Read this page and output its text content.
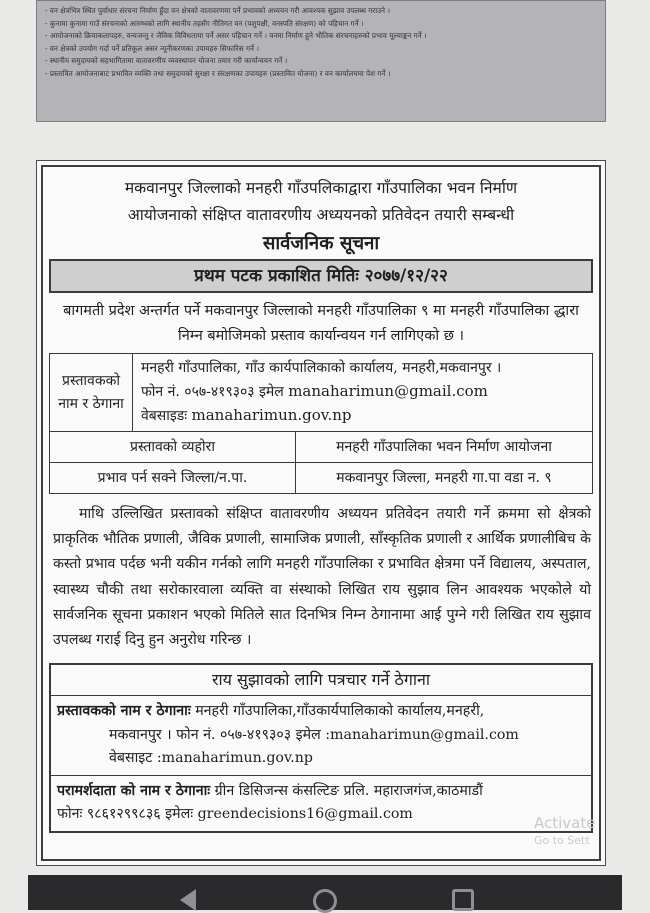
- वन क्षेत्रभित्र स्थित पुर्वाधार संरचना निर्माण हुँदा वन क्षेत्रको वातावरणमा पर्ने प्रभावको अध्ययन गरी आवश्यक सुझाव उपलब्ध गराउने ।
- कुनामा कुनामा गाउँ संरचनाको आरम्भको लागि स्थानीय तहसँग नीतिगत वन (पशुपक्षी, वनस्पति संरक्षण) को पहिचान गर्ने ।
- आयोजनाको क्रियाकलापहरु, वन्यजन्तु र जैविक विविधतामा पर्ने असर पहिचान गर्ने । वनमा निर्माण हुने भौतिक संरचनाहरुको प्रभाव मूल्याङ्कन गर्ने ।
- वन क्षेत्रको उपयोग गर्दा पर्ने प्रतिकूल असर न्यूनीकरणका उपायहरु सिफारिस गर्ने ।
- स्थानीय समुदायको सहभागितामा वातावरणीय व्यवस्थापन योजना तयार गरी कार्यान्वयन गर्ने ।
- प्रस्तावित आयोजनाबाट प्रभावित व्यक्ति तथा समुदायको सुरक्षा र संरक्षणका उपायहरु (प्रस्तावित योजना) र वन कार्यालयमा पेश गर्ने ।
मकवानपुर जिल्लाको मनहरी गाँउपलिकाद्वारा गाँउपालिका भवन निर्माण
आयोजनाको संक्षिप्त वातावरणीय अध्ययनको प्रतिवेदन तयारी सम्बन्धी
सार्वजनिक सूचना
प्रथम पटक प्रकाशित मितिः २०७७/१२/२२
बागमती प्रदेश अन्तर्गत पर्ने मकवानपुर जिल्लाको मनहरी गाँउपालिका ९ मा मनहरी गाँउपालिका द्धारा निम्न बमोजिमको प्रस्ताव कार्यान्वयन गर्न लागिएको छ ।
प्रस्तावकको नाम र ठेगाना	मनहरी गाँउपालिका, गाँउ कार्यपालिकाको कार्यालय, मनहरी,मकवानपुर ।
फोन नं. ०५७-४१९३०३ इमेल manaharimun@gmail.com
वेबसाइडः manaharimun.gov.np	

प्रस्तावको व्यहोरा		मनहरी गाँउपालिका भवन निर्माण आयोजना
प्रभाव पर्न सक्ने जिल्ला/न.पा.		मकवानपुर जिल्ला, मनहरी गा.पा वडा न. ९
माथि उल्लिखित प्रस्तावको संक्षिप्त वातावरणीय अध्ययन प्रतिवेदन तयारी गर्ने क्रममा सो क्षेत्रको प्राकृतिक भौतिक प्रणाली, जैविक प्रणाली, सामाजिक प्रणाली, साँस्कृतिक प्रणाली र आर्थिक प्रणालीबिच के कस्तो प्रभाव पर्दछ भनी यकीन गर्नको लागि मनहरी गाँउपालिका र प्रभावित क्षेत्रमा पर्ने विद्यालय, अस्पताल, स्वास्थ्य चौकी तथा सरोकारवाला व्यक्ति वा संस्थाको लिखित राय सुझाव लिन आवश्यक भएकोले यो सार्वजनिक सूचना प्रकाशन भएको मितिले सात दिनभित्र निम्न ठेगानामा आई पुग्ने गरी लिखित राय सुझाव उपलब्ध गराई दिनु हुन अनुरोध गरिन्छ ।
राय सुझावको लागि पत्रचार गर्ने ठेगाना
प्रस्तावकको नाम र ठेगानाः मनहरी गाँउपालिका,गाँउकार्यपालिकाको कार्यालय,मनहरी,
मकवानपुर । फोन नं. ०५७-४१९३०३ इमेल :manaharimun@gmail.com
वेबसाइट :manaharimun.gov.np
परामर्शदाता को नाम र ठेगानाः ग्रीन डिसिजन्स कंसल्टिङ प्रलि. महाराजगंज,काठमाडौं
फोनः ९८६१२९९८३६ इमेलः greendecisions16@gmail.com	Activate
Go to Sett
